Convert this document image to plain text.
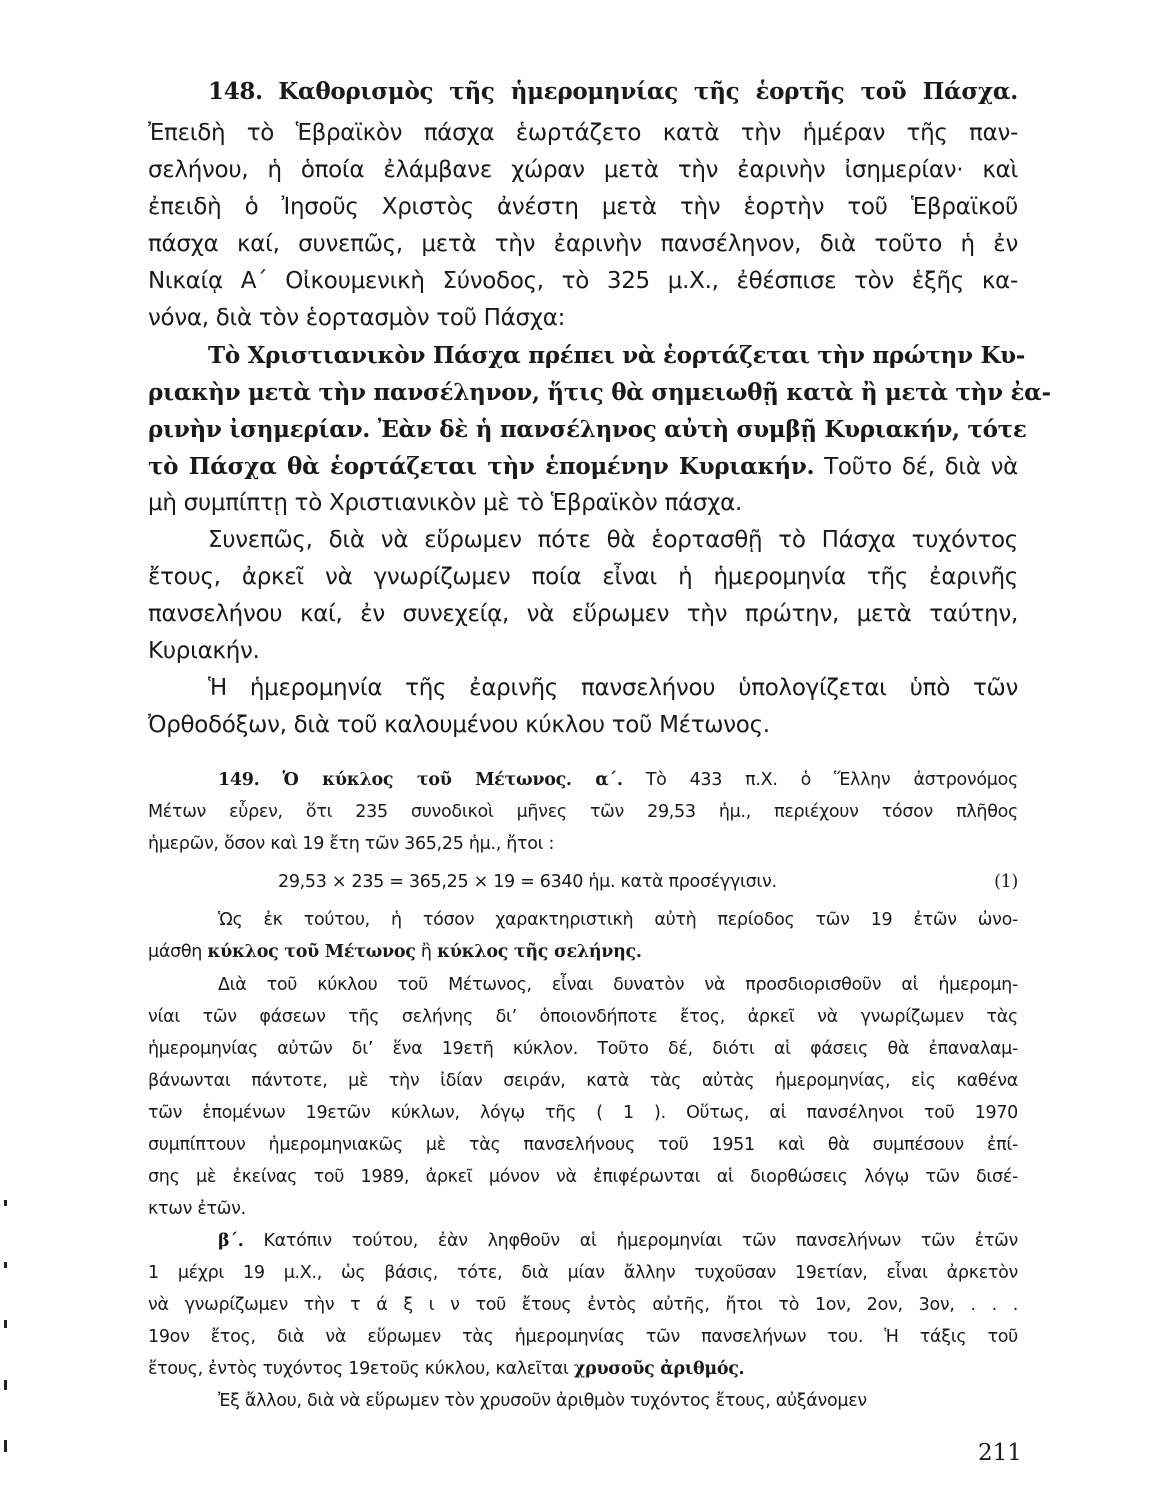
148. Καθορισμὸς τῆς ἡμερομηνίας τῆς ἑορτῆς τοῦ Πάσχα.
Ἐπειδὴ τὸ Ἑβραϊκὸν πάσχα ἑωρτάζετο κατὰ τὴν ἡμέραν τῆς παν-
σελήνου, ἡ ὁποία ἐλάμβανε χώραν μετὰ τὴν ἐαρινὴν ἰσημερίαν· καὶ
ἐπειδὴ ὁ Ἰησοῦς Χριστὸς ἀνέστη μετὰ τὴν ἑορτὴν τοῦ Ἑβραϊκοῦ
πάσχα καί, συνεπῶς, μετὰ τὴν ἐαρινὴν πανσέληνον, διὰ τοῦτο ἡ ἐν
Νικαίᾳ Α΄ Οἰκουμενικὴ Σύνοδος, τὸ 325 μ.Χ., ἐθέσπισε τὸν ἑξῆς κα-
νόνα, διὰ τὸν ἑορτασμὸν τοῦ Πάσχα:
Τὸ Χριστιανικὸν Πάσχα πρέπει νὰ ἑορτάζεται τὴν πρώτην Κυ-
ριακὴν μετὰ τὴν πανσέληνον, ἥτις θὰ σημειωθῇ κατὰ ἢ μετὰ τὴν ἐα-
ρινὴν ἰσημερίαν. Ἐὰν δὲ ἡ πανσέληνος αὐτὴ συμβῇ Κυριακήν, τότε
τὸ Πάσχα θὰ ἑορτάζεται τὴν ἑπομένην Κυριακήν. Τοῦτο δέ, διὰ νὰ
μὴ συμπίπτῃ τὸ Χριστιανικὸν μὲ τὸ Ἑβραϊκὸν πάσχα.
Συνεπῶς, διὰ νὰ εὕρωμεν πότε θὰ ἑορτασθῇ τὸ Πάσχα τυχόντος
ἔτους, ἀρκεῖ νὰ γνωρίζωμεν ποία εἶναι ἡ ἡμερομηνία τῆς ἐαρινῆς
πανσελήνου καί, ἐν συνεχείᾳ, νὰ εὕρωμεν τὴν πρώτην, μετὰ ταύτην,
Κυριακήν.
Ἡ ἡμερομηνία τῆς ἐαρινῆς πανσελήνου ὑπολογίζεται ὑπὸ τῶν
Ὀρθοδόξων, διὰ τοῦ καλουμένου κύκλου τοῦ Μέτωνος.
149. Ὁ κύκλος τοῦ Μέτωνος. α΄. Τὸ 433 π.Χ. ὁ Ἕλλην ἀστρονόμος
Μέτων εὗρεν, ὅτι 235 συνοδικοὶ μῆνες τῶν 29,53 ἡμ., περιέχουν τόσον πλῆθος
ἡμερῶν, ὅσον καὶ 19 ἔτη τῶν 365,25 ἡμ., ἤτοι :
29,53 × 235 = 365,25 × 19 = 6340 ἡμ. κατὰ προσέγγισιν.	(1)
Ὡς ἐκ τούτου, ἡ τόσον χαρακτηριστικὴ αὐτὴ περίοδος τῶν 19 ἐτῶν ὠνο-
μάσθη κύκλος τοῦ Μέτωνος ἢ κύκλος τῆς σελήνης.
Διὰ τοῦ κύκλου τοῦ Μέτωνος, εἶναι δυνατὸν νὰ προσδιορισθοῦν αἱ ἡμερομη-
νίαι τῶν φάσεων τῆς σελήνης δι’ ὁποιονδήποτε ἔτος, ἀρκεῖ νὰ γνωρίζωμεν τὰς
ἡμερομηνίας αὐτῶν δι’ ἕνα 19ετῆ κύκλον. Τοῦτο δέ, διότι αἱ φάσεις θὰ ἐπαναλαμ-
βάνωνται πάντοτε, μὲ τὴν ἰδίαν σειράν, κατὰ τὰς αὐτὰς ἡμερομηνίας, εἰς καθένα
τῶν ἑπομένων 19ετῶν κύκλων, λόγῳ τῆς ( 1 ). Οὕτως, αἱ πανσέληνοι τοῦ 1970
συμπίπτουν ἡμερομηνιακῶς μὲ τὰς πανσελήνους τοῦ 1951 καὶ θὰ συμπέσουν ἐπί-
σης μὲ ἐκείνας τοῦ 1989, ἀρκεῖ μόνον νὰ ἐπιφέρωνται αἱ διορθώσεις λόγῳ τῶν δισέ-
κτων ἐτῶν.
β΄. Κατόπιν τούτου, ἐὰν ληφθοῦν αἱ ἡμερομηνίαι τῶν πανσελήνων τῶν ἐτῶν
1 μέχρι 19 μ.Χ., ὡς βάσις, τότε, διὰ μίαν ἄλλην τυχοῦσαν 19ετίαν, εἶναι ἀρκετὸν
νὰ γνωρίζωμεν τὴν τ ά ξ ι ν τοῦ ἔτους ἐντὸς αὐτῆς, ἤτοι τὸ 1ον, 2ον, 3ον, . . .
19ον ἔτος, διὰ νὰ εὕρωμεν τὰς ἡμερομηνίας τῶν πανσελήνων του. Ἡ τάξις τοῦ
ἔτους, ἐντὸς τυχόντος 19ετοῦς κύκλου, καλεῖται χρυσοῦς ἀριθμός.
Ἐξ ἄλλου, διὰ νὰ εὕρωμεν τὸν χρυσοῦν ἀριθμὸν τυχόντος ἔτους, αὐξάνομεν
211
